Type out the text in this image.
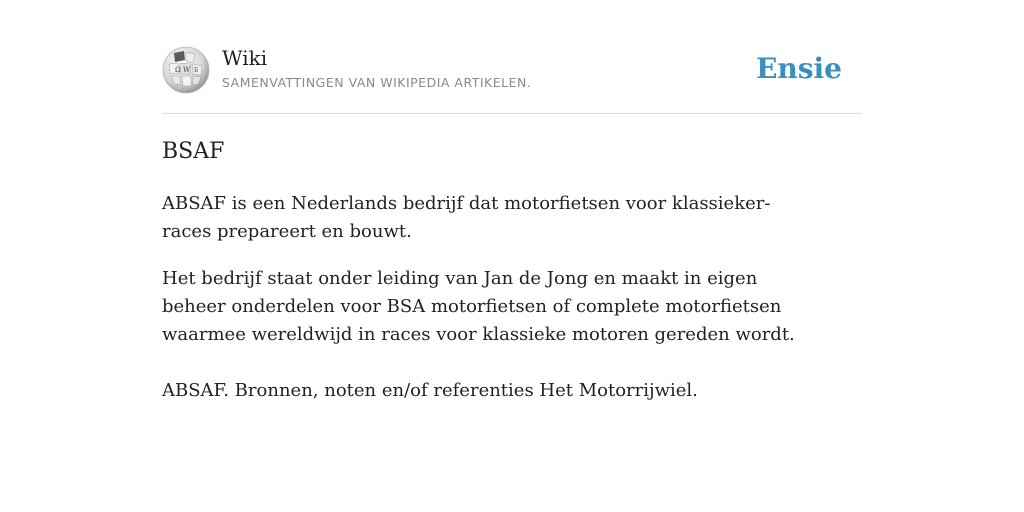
Ω W Б
Wiki
SAMENVATTINGEN VAN WIKIPEDIA ARTIKELEN.	Ensie
BSAF

ABSAF is een Nederlands bedrijf dat motorfietsen voor klassieker-races prepareert en bouwt.

Het bedrijf staat onder leiding van Jan de Jong en maakt in eigen beheer onderdelen voor BSA motorfietsen of complete motorfietsen waarmee wereldwijd in races voor klassieke motoren gereden wordt.

ABSAF. Bronnen, noten en/of referenties Het Motorrijwiel.
